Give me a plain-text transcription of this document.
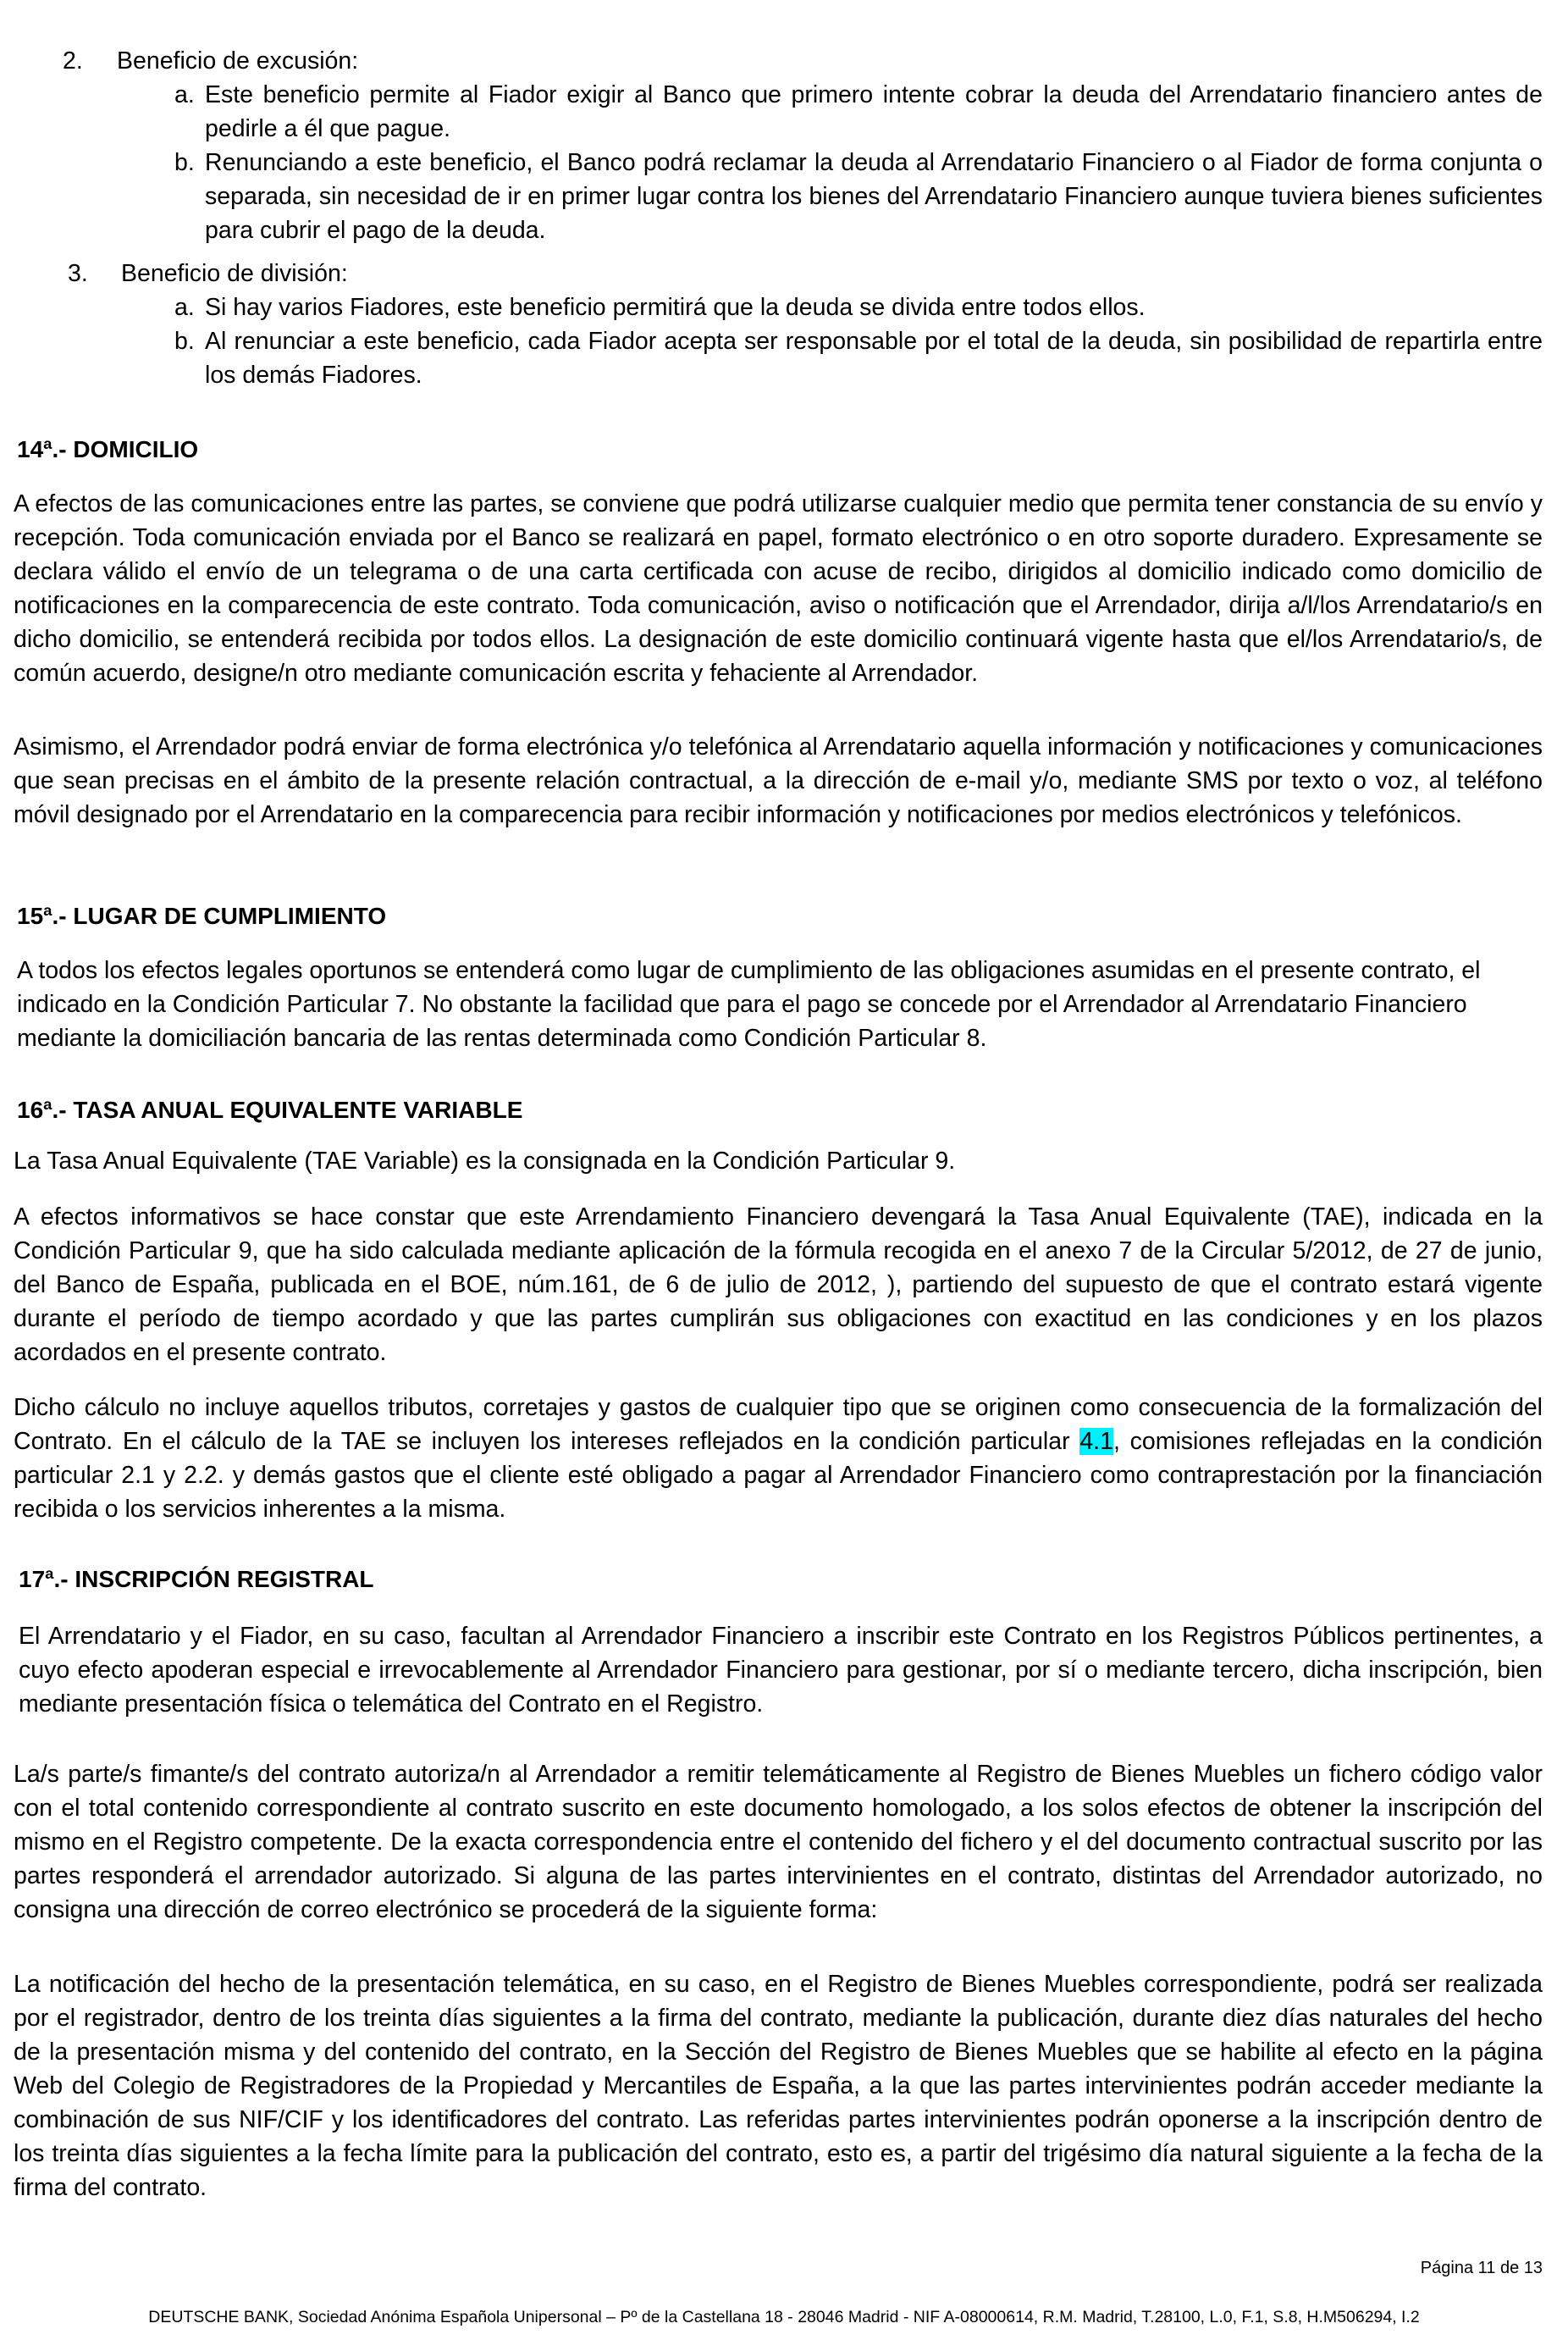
2. Beneficio de excusión:
a. Este beneficio permite al Fiador exigir al Banco que primero intente cobrar la deuda del Arrendatario financiero antes de pedirle a él que pague.
b. Renunciando a este beneficio, el Banco podrá reclamar la deuda al Arrendatario Financiero o al Fiador de forma conjunta o separada, sin necesidad de ir en primer lugar contra los bienes del Arrendatario Financiero aunque tuviera bienes suficientes para cubrir el pago de la deuda.
3. Beneficio de división:
a. Si hay varios Fiadores, este beneficio permitirá que la deuda se divida entre todos ellos.
b. Al renunciar a este beneficio, cada Fiador acepta ser responsable por el total de la deuda, sin posibilidad de repartirla entre los demás Fiadores.
14ª.- DOMICILIO
A efectos de las comunicaciones entre las partes, se conviene que podrá utilizarse cualquier medio que permita tener constancia de su envío y recepción. Toda comunicación enviada por el Banco se realizará en papel, formato electrónico o en otro soporte duradero. Expresamente se declara válido el envío de un telegrama o de una carta certificada con acuse de recibo, dirigidos al domicilio indicado como domicilio de notificaciones en la comparecencia de este contrato. Toda comunicación, aviso o notificación que el Arrendador, dirija a/l/los Arrendatario/s en dicho domicilio, se entenderá recibida por todos ellos. La designación de este domicilio continuará vigente hasta que el/los Arrendatario/s, de común acuerdo, designe/n otro mediante comunicación escrita y fehaciente al Arrendador.
Asimismo, el Arrendador podrá enviar de forma electrónica y/o telefónica al Arrendatario aquella información y notificaciones y comunicaciones que sean precisas en el ámbito de la presente relación contractual, a la dirección de e-mail y/o, mediante SMS por texto o voz, al teléfono móvil designado por el Arrendatario en la comparecencia para recibir información y notificaciones por medios electrónicos y telefónicos.
15ª.- LUGAR DE CUMPLIMIENTO
A todos los efectos legales oportunos se entenderá como lugar de cumplimiento de las obligaciones asumidas en el presente contrato, el indicado en la Condición Particular 7. No obstante la facilidad que para el pago se concede por el Arrendador al Arrendatario Financiero mediante la domiciliación bancaria de las rentas determinada como Condición Particular 8.
16ª.- TASA ANUAL EQUIVALENTE VARIABLE
La Tasa Anual Equivalente (TAE Variable) es la consignada en la Condición Particular 9.
A efectos informativos se hace constar que este Arrendamiento Financiero devengará la Tasa Anual Equivalente (TAE), indicada en la Condición Particular 9, que ha sido calculada mediante aplicación de la fórmula recogida en el anexo 7 de la Circular 5/2012, de 27 de junio, del Banco de España, publicada en el BOE, núm.161, de 6 de julio de 2012, ), partiendo del supuesto de que el contrato estará vigente durante el período de tiempo acordado y que las partes cumplirán sus obligaciones con exactitud en las condiciones y en los plazos acordados en el presente contrato.
Dicho cálculo no incluye aquellos tributos, corretajes y gastos de cualquier tipo que se originen como consecuencia de la formalización del Contrato. En el cálculo de la TAE se incluyen los intereses reflejados en la condición particular 4.1, comisiones reflejadas en la condición particular 2.1 y 2.2. y demás gastos que el cliente esté obligado a pagar al Arrendador Financiero como contraprestación por la financiación recibida o los servicios inherentes a la misma.
17ª.- INSCRIPCIÓN REGISTRAL
El Arrendatario y el Fiador, en su caso, facultan al Arrendador Financiero a inscribir este Contrato en los Registros Públicos pertinentes, a cuyo efecto apoderan especial e irrevocablemente al Arrendador Financiero para gestionar, por sí o mediante tercero, dicha inscripción, bien mediante presentación física o telemática del Contrato en el Registro.
La/s parte/s fimante/s del contrato autoriza/n al Arrendador a remitir telemáticamente al Registro de Bienes Muebles un fichero código valor con el total contenido correspondiente al contrato suscrito en este documento homologado, a los solos efectos de obtener la inscripción del mismo en el Registro competente. De la exacta correspondencia entre el contenido del fichero y el del documento contractual suscrito por las partes responderá el arrendador autorizado. Si alguna de las partes intervinientes en el contrato, distintas del Arrendador autorizado, no consigna una dirección de correo electrónico se procederá de la siguiente forma:
La notificación del hecho de la presentación telemática, en su caso, en el Registro de Bienes Muebles correspondiente, podrá ser realizada por el registrador, dentro de los treinta días siguientes a la firma del contrato, mediante la publicación, durante diez días naturales del hecho de la presentación misma y del contenido del contrato, en la Sección del Registro de Bienes Muebles que se habilite al efecto en la página Web del Colegio de Registradores de la Propiedad y Mercantiles de España, a la que las partes intervinientes podrán acceder mediante la combinación de sus NIF/CIF y los identificadores del contrato. Las referidas partes intervinientes podrán oponerse a la inscripción dentro de los treinta días siguientes a la fecha límite para la publicación del contrato, esto es, a partir del trigésimo día natural siguiente a la fecha de la firma del contrato.
Página 11 de 13
DEUTSCHE BANK, Sociedad Anónima Española Unipersonal – Pº de la Castellana 18 - 28046 Madrid - NIF A-08000614, R.M. Madrid, T.28100, L.0, F.1, S.8, H.M506294, I.2
